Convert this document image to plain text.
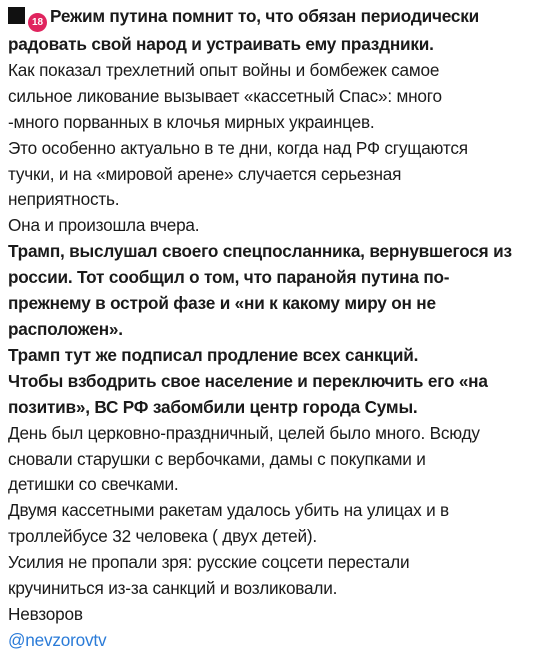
18 Режим путина помнит то, что обязан периодически
радовать свой народ и устраивать ему праздники.
Как показал трехлетний опыт войны и бомбежек самое
сильное ликование вызывает «кассетный Спас»: много
-много порванных в клочья мирных украинцев.
Это особенно актуально в те дни, когда над РФ сгущаются
тучки, и на «мировой арене» случается серьезная
неприятность.
Она и произошла вчера.
Трамп, выслушал своего спецпосланника, вернувшегося из
россии. Тот сообщил о том, что паранойя путина по-
прежнему в острой фазе и «ни к какому миру он не
расположен».
Трамп тут же подписал продление всех санкций.
Чтобы взбодрить свое население и переключить его «на
позитив», ВС РФ забомбили центр города Сумы.
День был церковно-праздничный, целей было много. Всюду
сновали старушки с вербочками, дамы с покупками и
детишки со свечками.
Двумя кассетными ракетам удалось убить на улицах и в
троллейбусе 32 человека ( двух детей).
Усилия не пропали зря: русские соцсети перестали
кручиниться из-за санкций и возликовали.
Невзоров
@nevzorovtv
